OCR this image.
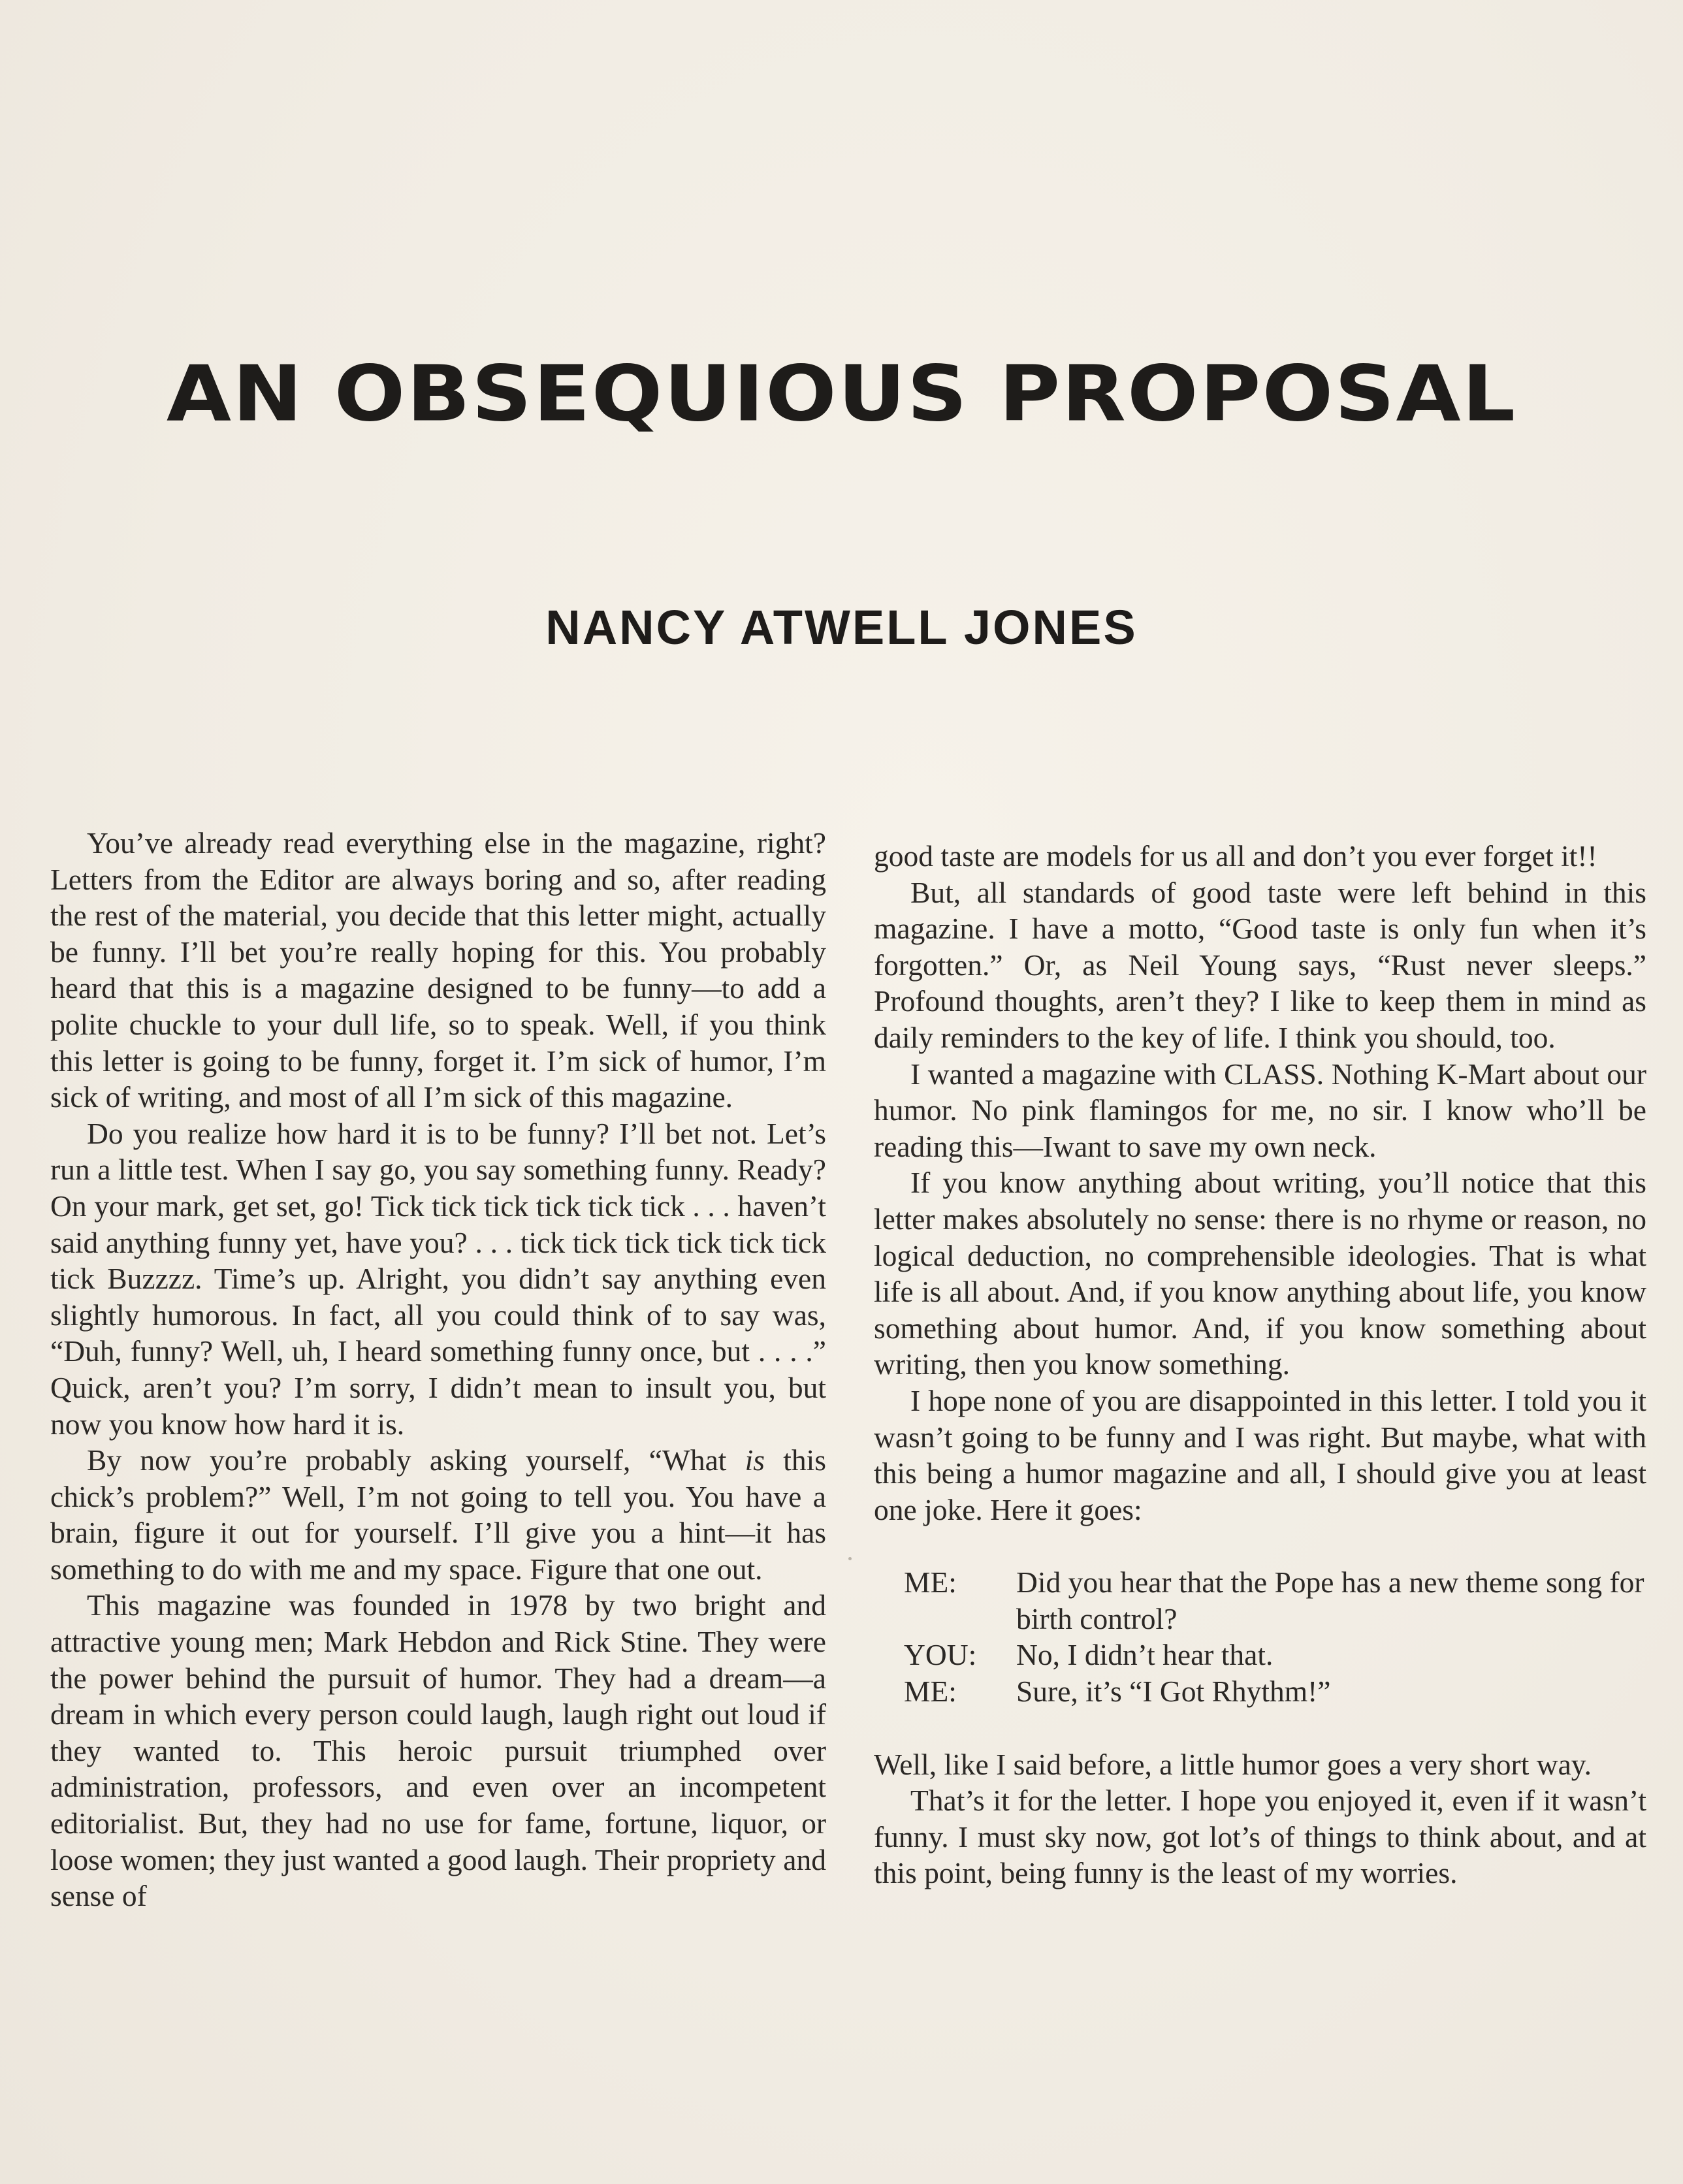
AN OBSEQUIOUS PROPOSAL
NANCY ATWELL JONES

You’ve already read everything else in the magazine, right? Letters from the Editor are always boring and so, after reading the rest of the material, you decide that this letter might, actually be funny. I’ll bet you’re really hoping for this. You probably heard that this is a magazine designed to be funny—to add a polite chuckle to your dull life, so to speak. Well, if you think this letter is going to be funny, forget it. I’m sick of humor, I’m sick of writing, and most of all I’m sick of this magazine.

Do you realize how hard it is to be funny? I’ll bet not. Let’s run a little test. When I say go, you say something funny. Ready? On your mark, get set, go! Tick tick tick tick tick tick . . . haven’t said anything funny yet, have you? . . . tick tick tick tick tick tick tick Buzzzz. Time’s up. Alright, you didn’t say anything even slightly humorous. In fact, all you could think of to say was, “Duh, funny? Well, uh, I heard something funny once, but . . . .” Quick, aren’t you? I’m sorry, I didn’t mean to insult you, but now you know how hard it is.

By now you’re probably asking yourself, “What is this chick’s problem?” Well, I’m not going to tell you. You have a brain, figure it out for yourself. I’ll give you a hint—it has something to do with me and my space. Figure that one out.

This magazine was founded in 1978 by two bright and attractive young men; Mark Hebdon and Rick Stine. They were the power behind the pursuit of humor. They had a dream—a dream in which every person could laugh, laugh right out loud if they wanted to. This heroic pursuit triumphed over administration, professors, and even over an incompetent editorialist. But, they had no use for fame, fortune, liquor, or loose women; they just wanted a good laugh. Their propriety and sense of

good taste are models for us all and don’t you ever forget it!!

But, all standards of good taste were left behind in this magazine. I have a motto, “Good taste is only fun when it’s forgotten.” Or, as Neil Young says, “Rust never sleeps.” Profound thoughts, aren’t they? I like to keep them in mind as daily reminders to the key of life. I think you should, too.

I wanted a magazine with CLASS. Nothing K-Mart about our humor. No pink flamingos for me, no sir. I know who’ll be reading this—Iwant to save my own neck.

If you know anything about writing, you’ll notice that this letter makes absolutely no sense: there is no rhyme or reason, no logical deduction, no comprehensible ideologies. That is what life is all about. And, if you know anything about life, you know something about humor. And, if you know something about writing, then you know something.

I hope none of you are disappointed in this letter. I told you it wasn’t going to be funny and I was right. But maybe, what with this being a humor magazine and all, I should give you at least one joke. Here it goes:

ME:	Did you hear that the Pope has a new theme song for birth control?
YOU:	No, I didn’t hear that.
ME:	Sure, it’s “I Got Rhythm!”

Well, like I said before, a little humor goes a very short way.

That’s it for the letter. I hope you enjoyed it, even if it wasn’t funny. I must sky now, got lot’s of things to think about, and at this point, being funny is the least of my worries.
